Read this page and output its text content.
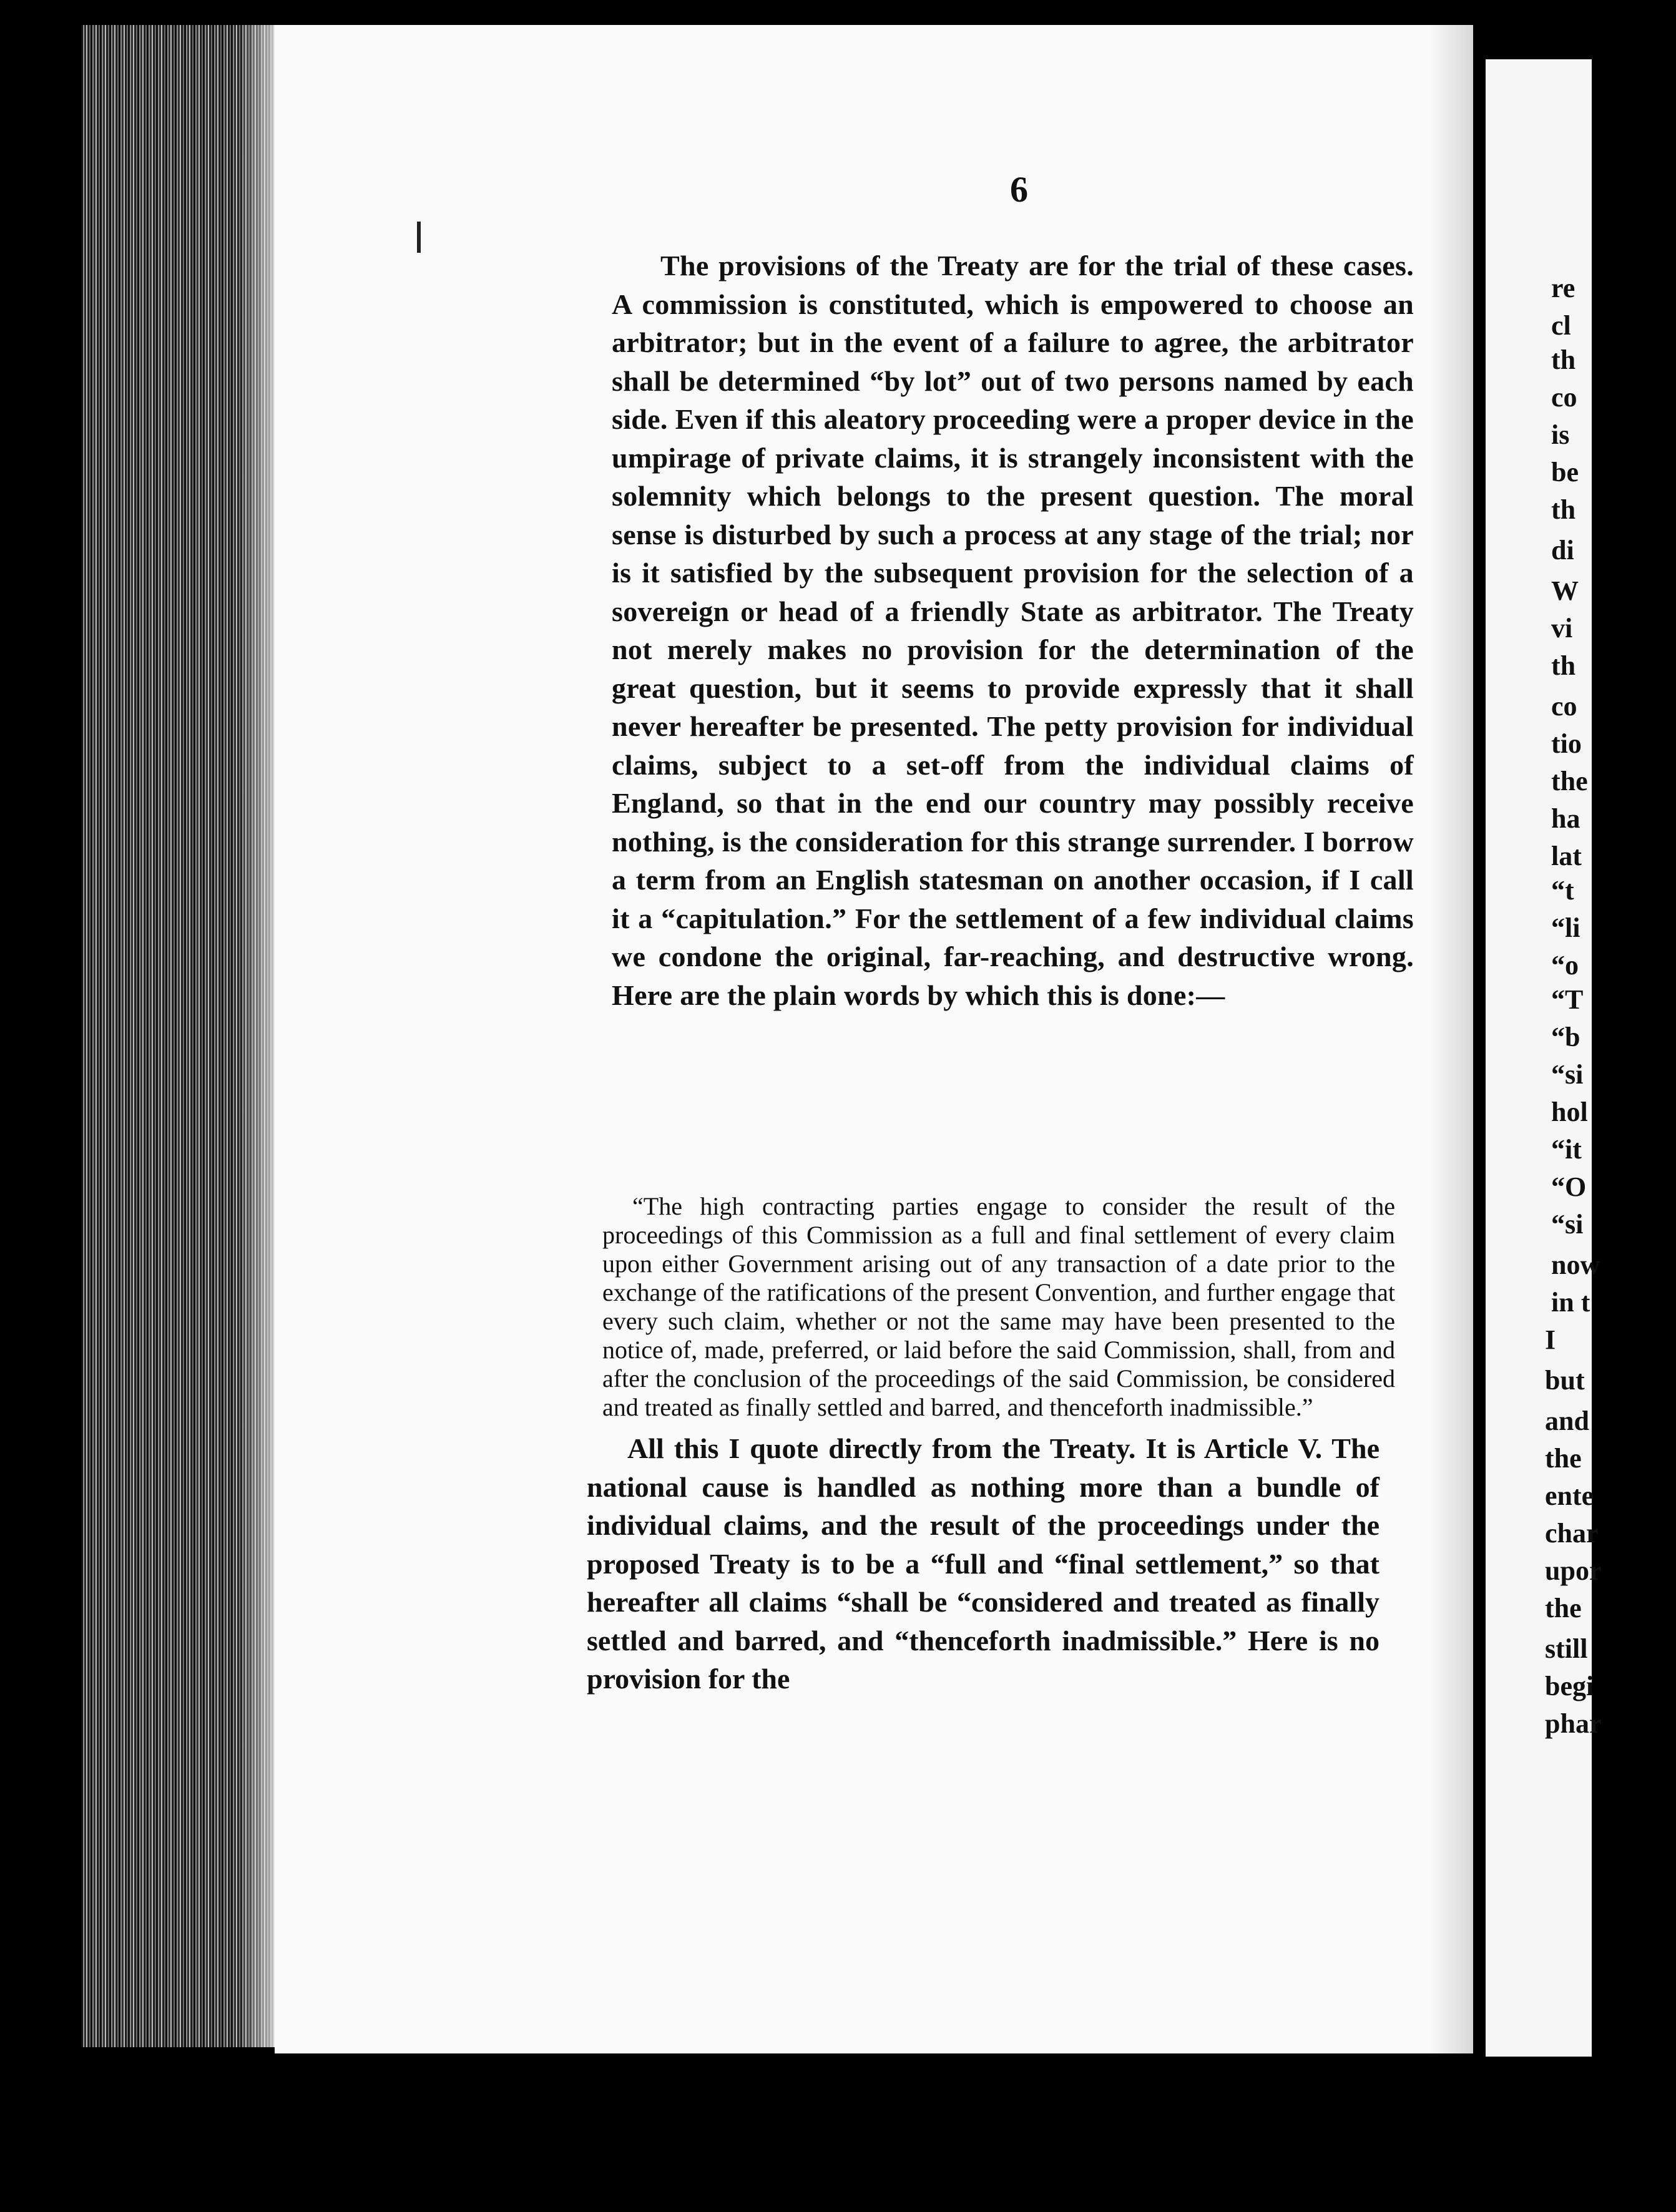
re
cl
th
co
is
be
th
di
W
vi
th
co
tio
the
ha
lat
“t
“li
“o
“T
“b
“si
hol
“it
“O
“si
now
in t
I
but
and
the
ente
char
upor
the
still
begi
phar
6

The provisions of the Treaty are for the trial of these cases. A commission is constituted, which is empowered to choose an arbitrator; but in the event of a failure to agree, the arbitrator shall be determined “by lot” out of two persons named by each side. Even if this aleatory proceeding were a proper device in the umpirage of private claims, it is strangely inconsistent with the solemnity which belongs to the present question. The moral sense is disturbed by such a process at any stage of the trial; nor is it satisfied by the subsequent provision for the selection of a sovereign or head of a friendly State as arbitrator. The Treaty not merely makes no provision for the determination of the great question, but it seems to provide expressly that it shall never hereafter be presented. The petty provision for individual claims, subject to a set-off from the individual claims of England, so that in the end our country may possibly receive nothing, is the consideration for this strange surrender. I borrow a term from an English statesman on another occasion, if I call it a “capitulation.” For the settlement of a few individual claims we condone the original, far-reaching, and destructive wrong. Here are the plain words by which this is done:—

“The high contracting parties engage to consider the result of the proceedings of this Commission as a full and final settlement of every claim upon either Government arising out of any transaction of a date prior to the exchange of the ratifications of the present Convention, and further engage that every such claim, whether or not the same may have been presented to the notice of, made, preferred, or laid before the said Commission, shall, from and after the conclusion of the proceedings of the said Commission, be considered and treated as finally settled and barred, and thenceforth inadmissible.”

All this I quote directly from the Treaty. It is Article V. The national cause is handled as nothing more than a bundle of individual claims, and the result of the proceedings under the proposed Treaty is to be a “full and “final settlement,” so that hereafter all claims “shall be “considered and treated as finally settled and barred, and “thenceforth inadmissible.” Here is no provision for the
